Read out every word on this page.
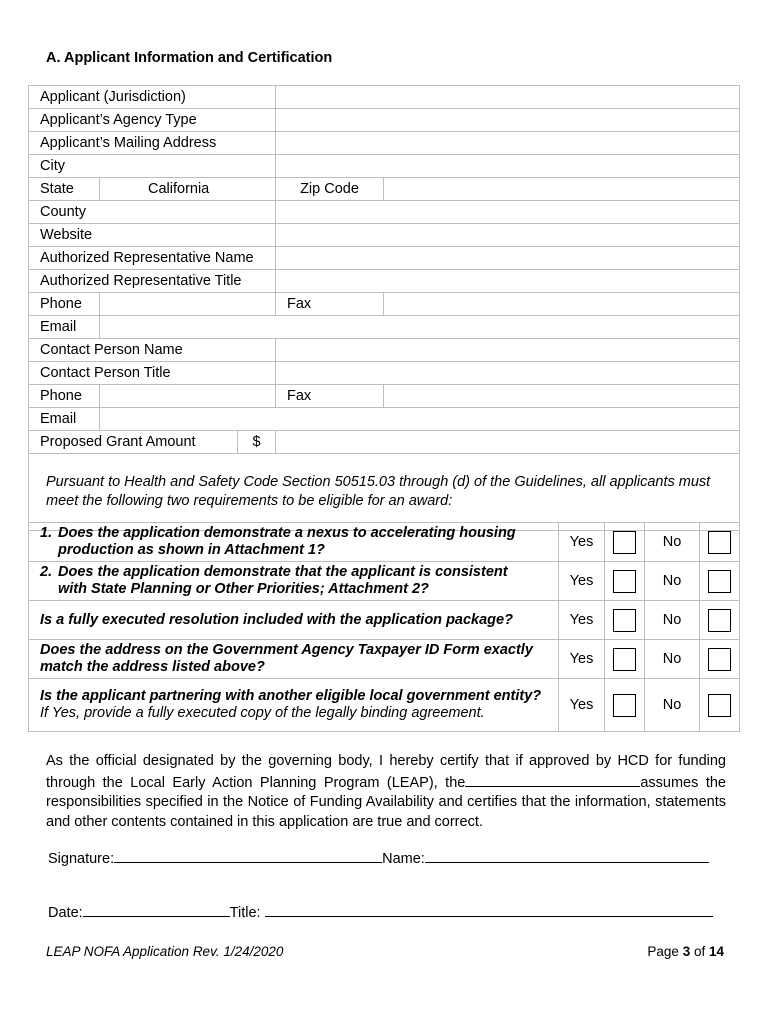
A. Applicant Information and Certification
Applicant (Jurisdiction)				
Applicant’s Agency Type				
Applicant’s Mailing Address				
City				
State	California		Zip Code	
County				
Website				
Authorized Representative Name				
Authorized Representative Title				
Phone			Fax	
Email				
Contact Person Name				
Contact Person Title				
Phone			Fax	
Email				
Proposed Grant Amount		$		
Pursuant to Health and Safety Code Section 50515.03 through (d) of the Guidelines, all applicants must meet the following two requirements to be eligible for an award:				
1. Does the application demonstrate a nexus to accelerating housing
production as shown in Attachment 1?	Yes		No	
2. Does the application demonstrate that the applicant is consistent
with State Planning or Other Priorities; Attachment 2?	Yes		No	
Is a fully executed resolution included with the application package?	Yes		No	
Does the address on the Government Agency Taxpayer ID Form exactly match the address listed above?	Yes		No	
Is the applicant partnering with another eligible local government entity?  If Yes, provide a fully executed copy of the legally binding agreement.	Yes		No	
As the official designated by the governing body, I hereby certify that if approved by HCD for funding through the Local Early Action Planning Program (LEAP), the	assumes the responsibilities specified in the Notice of Funding Availability and certifies that the information, statements and other contents contained in this application are true and correct.
Signature:	Name:
Date:	Title:
LEAP NOFA Application Rev. 1/24/2020	Page 3 of 14
